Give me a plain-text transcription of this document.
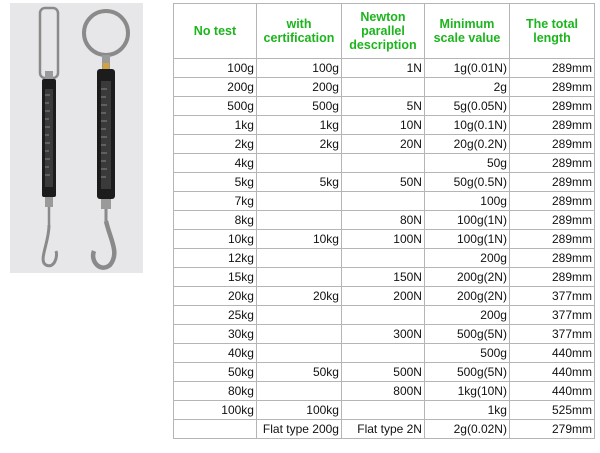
No test	with certification	Newton parallel description	Minimum scale value	The total length
100g	100g	1N	1g(0.01N)	289mm
200g	200g		2g	289mm
500g	500g	5N	5g(0.05N)	289mm
1kg	1kg	10N	10g(0.1N)	289mm
2kg	2kg	20N	20g(0.2N)	289mm
4kg			50g	289mm
5kg	5kg	50N	50g(0.5N)	289mm
7kg			100g	289mm
8kg		80N	100g(1N)	289mm
10kg	10kg	100N	100g(1N)	289mm
12kg			200g	289mm
15kg		150N	200g(2N)	289mm
20kg	20kg	200N	200g(2N)	377mm
25kg			200g	377mm
30kg		300N	500g(5N)	377mm
40kg			500g	440mm
50kg	50kg	500N	500g(5N)	440mm
80kg		800N	1kg(10N)	440mm
100kg	100kg		1kg	525mm
	Flat type 200g	Flat type 2N	2g(0.02N)	279mm
